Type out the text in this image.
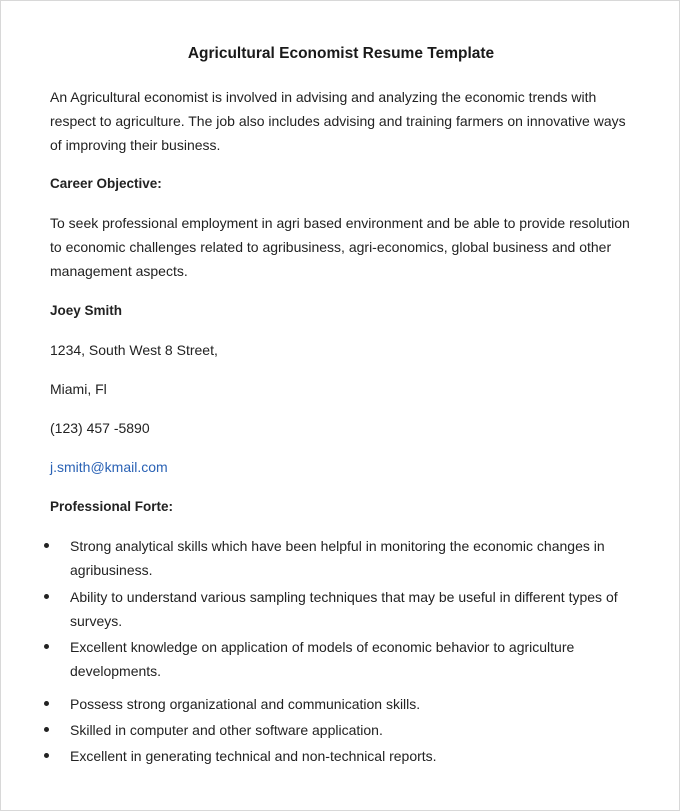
Agricultural Economist Resume Template
An Agricultural economist is involved in advising and analyzing the economic trends with
respect to agriculture. The job also includes advising and training farmers on innovative ways
of improving their business.
Career Objective:
To seek professional employment in agri based environment and be able to provide resolution
to economic challenges related to agribusiness, agri-economics, global business and other
management aspects.
Joey Smith
1234, South West 8 Street,
Miami, Fl
(123) 457 -5890
j.smith@kmail.com
Professional Forte:
Strong analytical skills which have been helpful in monitoring the economic changes in
agribusiness.
Ability to understand various sampling techniques that may be useful in different types of
surveys.
Excellent knowledge on application of models of economic behavior to agriculture
developments.
Possess strong organizational and communication skills.
Skilled in computer and other software application.
Excellent in generating technical and non-technical reports.
